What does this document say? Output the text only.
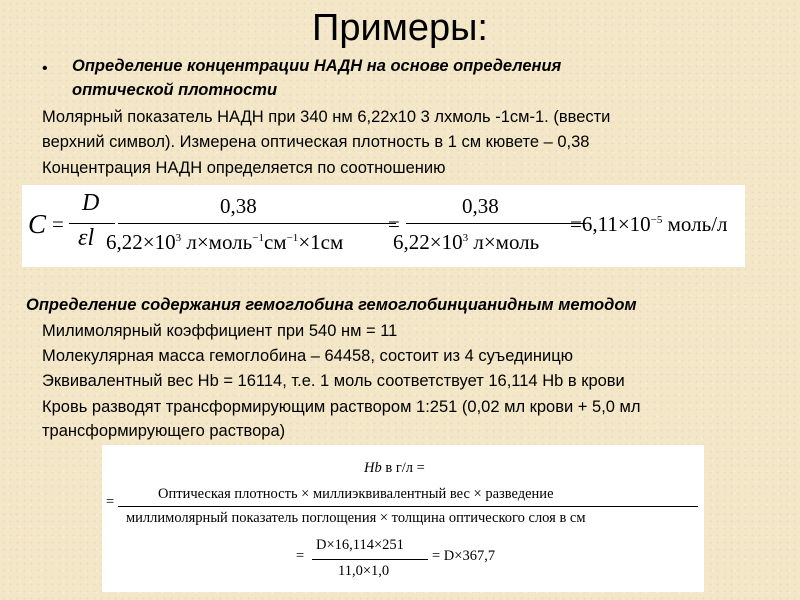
Примеры:
•	Определение концентрации НАДН на основе определения
оптической плотности
Молярный показатель НАДН при 340 нм 6,22х10 3 лхмоль -1см-1. (ввести
верхний символ). Измерена оптическая плотность в 1 см кювете – 0,38
Концентрация НАДН определяется по соотношению
C =
D
εl
0,38
$6,22\times 10^3$ $л\times моль^{-1}см^{-1}\times 1см$
=
0,38
$6,22\times 10^3$ л×моль
$=6,11\times 10^{-5}$ моль/л
Определение содержания гемоглобина гемоглобинцианидным методом
Милимолярный коэффициент при 540 нм = 11
Молекулярная масса гемоглобина – 64458, состоит из 4 суъединицю
Эквивалентный вес Hb = 16114, т.е. 1 моль соответствует 16,114 Hb в крови
Кровь разводят трансформирующим раствором 1:251 (0,02 мл крови + 5,0 мл
трансформирующего раствора)
Hb в г/л =
=	Оптическая плотность × миллиэквивалентный вес × разведение
миллимолярный показатель поглощения × толщина оптического слоя в см
=
D×16,114×251
11,0×1,0
= D×367,7
